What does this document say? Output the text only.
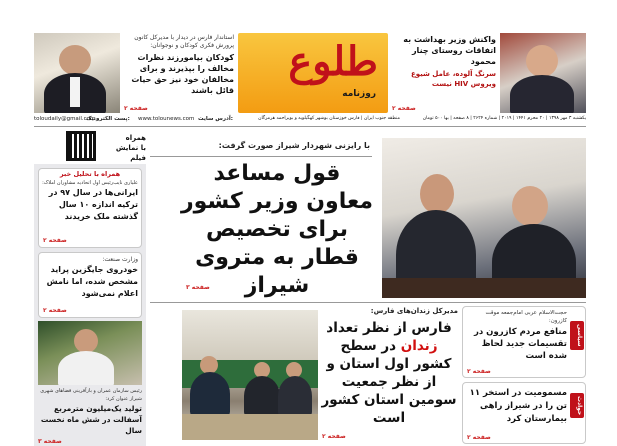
استاندار فارس در دیدار با مدیرکل کانون پرورش فکری کودکان و نوجوانان:
کودکان بیامورزند نظرات مخالف را بپذیرند و برای مخالفان خود نیز حق حیات قائل باشند
صفحه ۲
طلوع
روزنامه
واکنش وزیر بهداشت به اتفاقات روستای چنار محمود
سرنگ آلوده، عامل شیوع ویروس HIV نیست
صفحه ۲
toloudaily@gmail.com
پست الکترونیک: www.tolounews.com آدرس سایت:	منطقه جنوب ایران | فارس خوزستان بوشهر کهگیلویه و بویراحمد هرمزگان	یکشنبه ۳ مهر ۱۳۹۸ | ۲۰ محرم ۱۴۴۱ | ۲۰۱۹ | شماره ۲۶۲۴ | ۸ صفحه | بها ۵۰۰ تومان
همراه
با نمایش فیلم
همراه با تحلیل خبر
علیاری نایب‌رئیس اول اتحادیه مشاوران املاک:
ایرانی‌ها در سال ۹۷ در ترکیه اندازه ۱۰ سال گذشته ملک خریدند
صفحه ۲
وزارت صنعت:
خودروی جایگزین پراید مشخص شده، اما نامش اعلام نمی‌شود
صفحه ۲
رئیس سازمان عمران و بازآفرینی فضاهای شهری شیراز عنوان کرد:
تولید یک‌میلیون مترمربع آسفالت در شش ماه نخست سال
صفحه ۳
با رایزنی شهردار شیراز صورت گرفت:
قول مساعد معاون وزیر کشور برای تخصیص قطار به متروی شیراز
صفحه ۳
مدیرکل زندان‌های فارس:
فارس از نظر تعداد زندان در سطح کشور اول استان و از نظر جمعیت سومین استان کشور است
صفحه ۲
حجت‌الاسلام عربی امام‌جمعه موقت کازرون:
منافع مردم کازرون در تقسیمات جدید لحاظ شده است
سیاسی
صفحه ۲
مسمومیت در استخر ۱۱ تن را در شیراز راهی بیمارستان کرد
حوادث
صفحه ۲
